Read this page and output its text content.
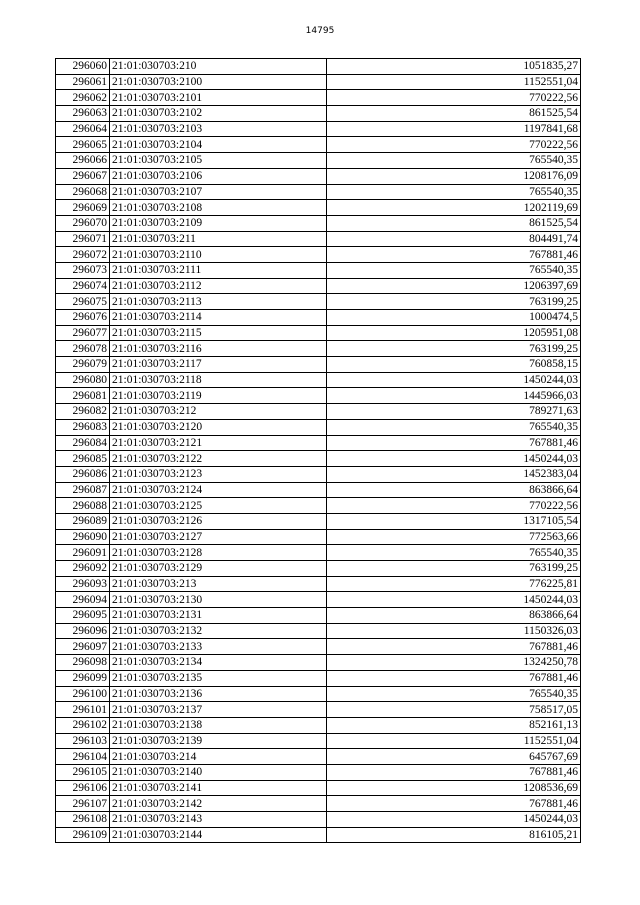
14795
296060	21:01:030703:210	1051835,27
296061	21:01:030703:2100	1152551,04
296062	21:01:030703:2101	770222,56
296063	21:01:030703:2102	861525,54
296064	21:01:030703:2103	1197841,68
296065	21:01:030703:2104	770222,56
296066	21:01:030703:2105	765540,35
296067	21:01:030703:2106	1208176,09
296068	21:01:030703:2107	765540,35
296069	21:01:030703:2108	1202119,69
296070	21:01:030703:2109	861525,54
296071	21:01:030703:211	804491,74
296072	21:01:030703:2110	767881,46
296073	21:01:030703:2111	765540,35
296074	21:01:030703:2112	1206397,69
296075	21:01:030703:2113	763199,25
296076	21:01:030703:2114	1000474,5
296077	21:01:030703:2115	1205951,08
296078	21:01:030703:2116	763199,25
296079	21:01:030703:2117	760858,15
296080	21:01:030703:2118	1450244,03
296081	21:01:030703:2119	1445966,03
296082	21:01:030703:212	789271,63
296083	21:01:030703:2120	765540,35
296084	21:01:030703:2121	767881,46
296085	21:01:030703:2122	1450244,03
296086	21:01:030703:2123	1452383,04
296087	21:01:030703:2124	863866,64
296088	21:01:030703:2125	770222,56
296089	21:01:030703:2126	1317105,54
296090	21:01:030703:2127	772563,66
296091	21:01:030703:2128	765540,35
296092	21:01:030703:2129	763199,25
296093	21:01:030703:213	776225,81
296094	21:01:030703:2130	1450244,03
296095	21:01:030703:2131	863866,64
296096	21:01:030703:2132	1150326,03
296097	21:01:030703:2133	767881,46
296098	21:01:030703:2134	1324250,78
296099	21:01:030703:2135	767881,46
296100	21:01:030703:2136	765540,35
296101	21:01:030703:2137	758517,05
296102	21:01:030703:2138	852161,13
296103	21:01:030703:2139	1152551,04
296104	21:01:030703:214	645767,69
296105	21:01:030703:2140	767881,46
296106	21:01:030703:2141	1208536,69
296107	21:01:030703:2142	767881,46
296108	21:01:030703:2143	1450244,03
296109	21:01:030703:2144	816105,21
